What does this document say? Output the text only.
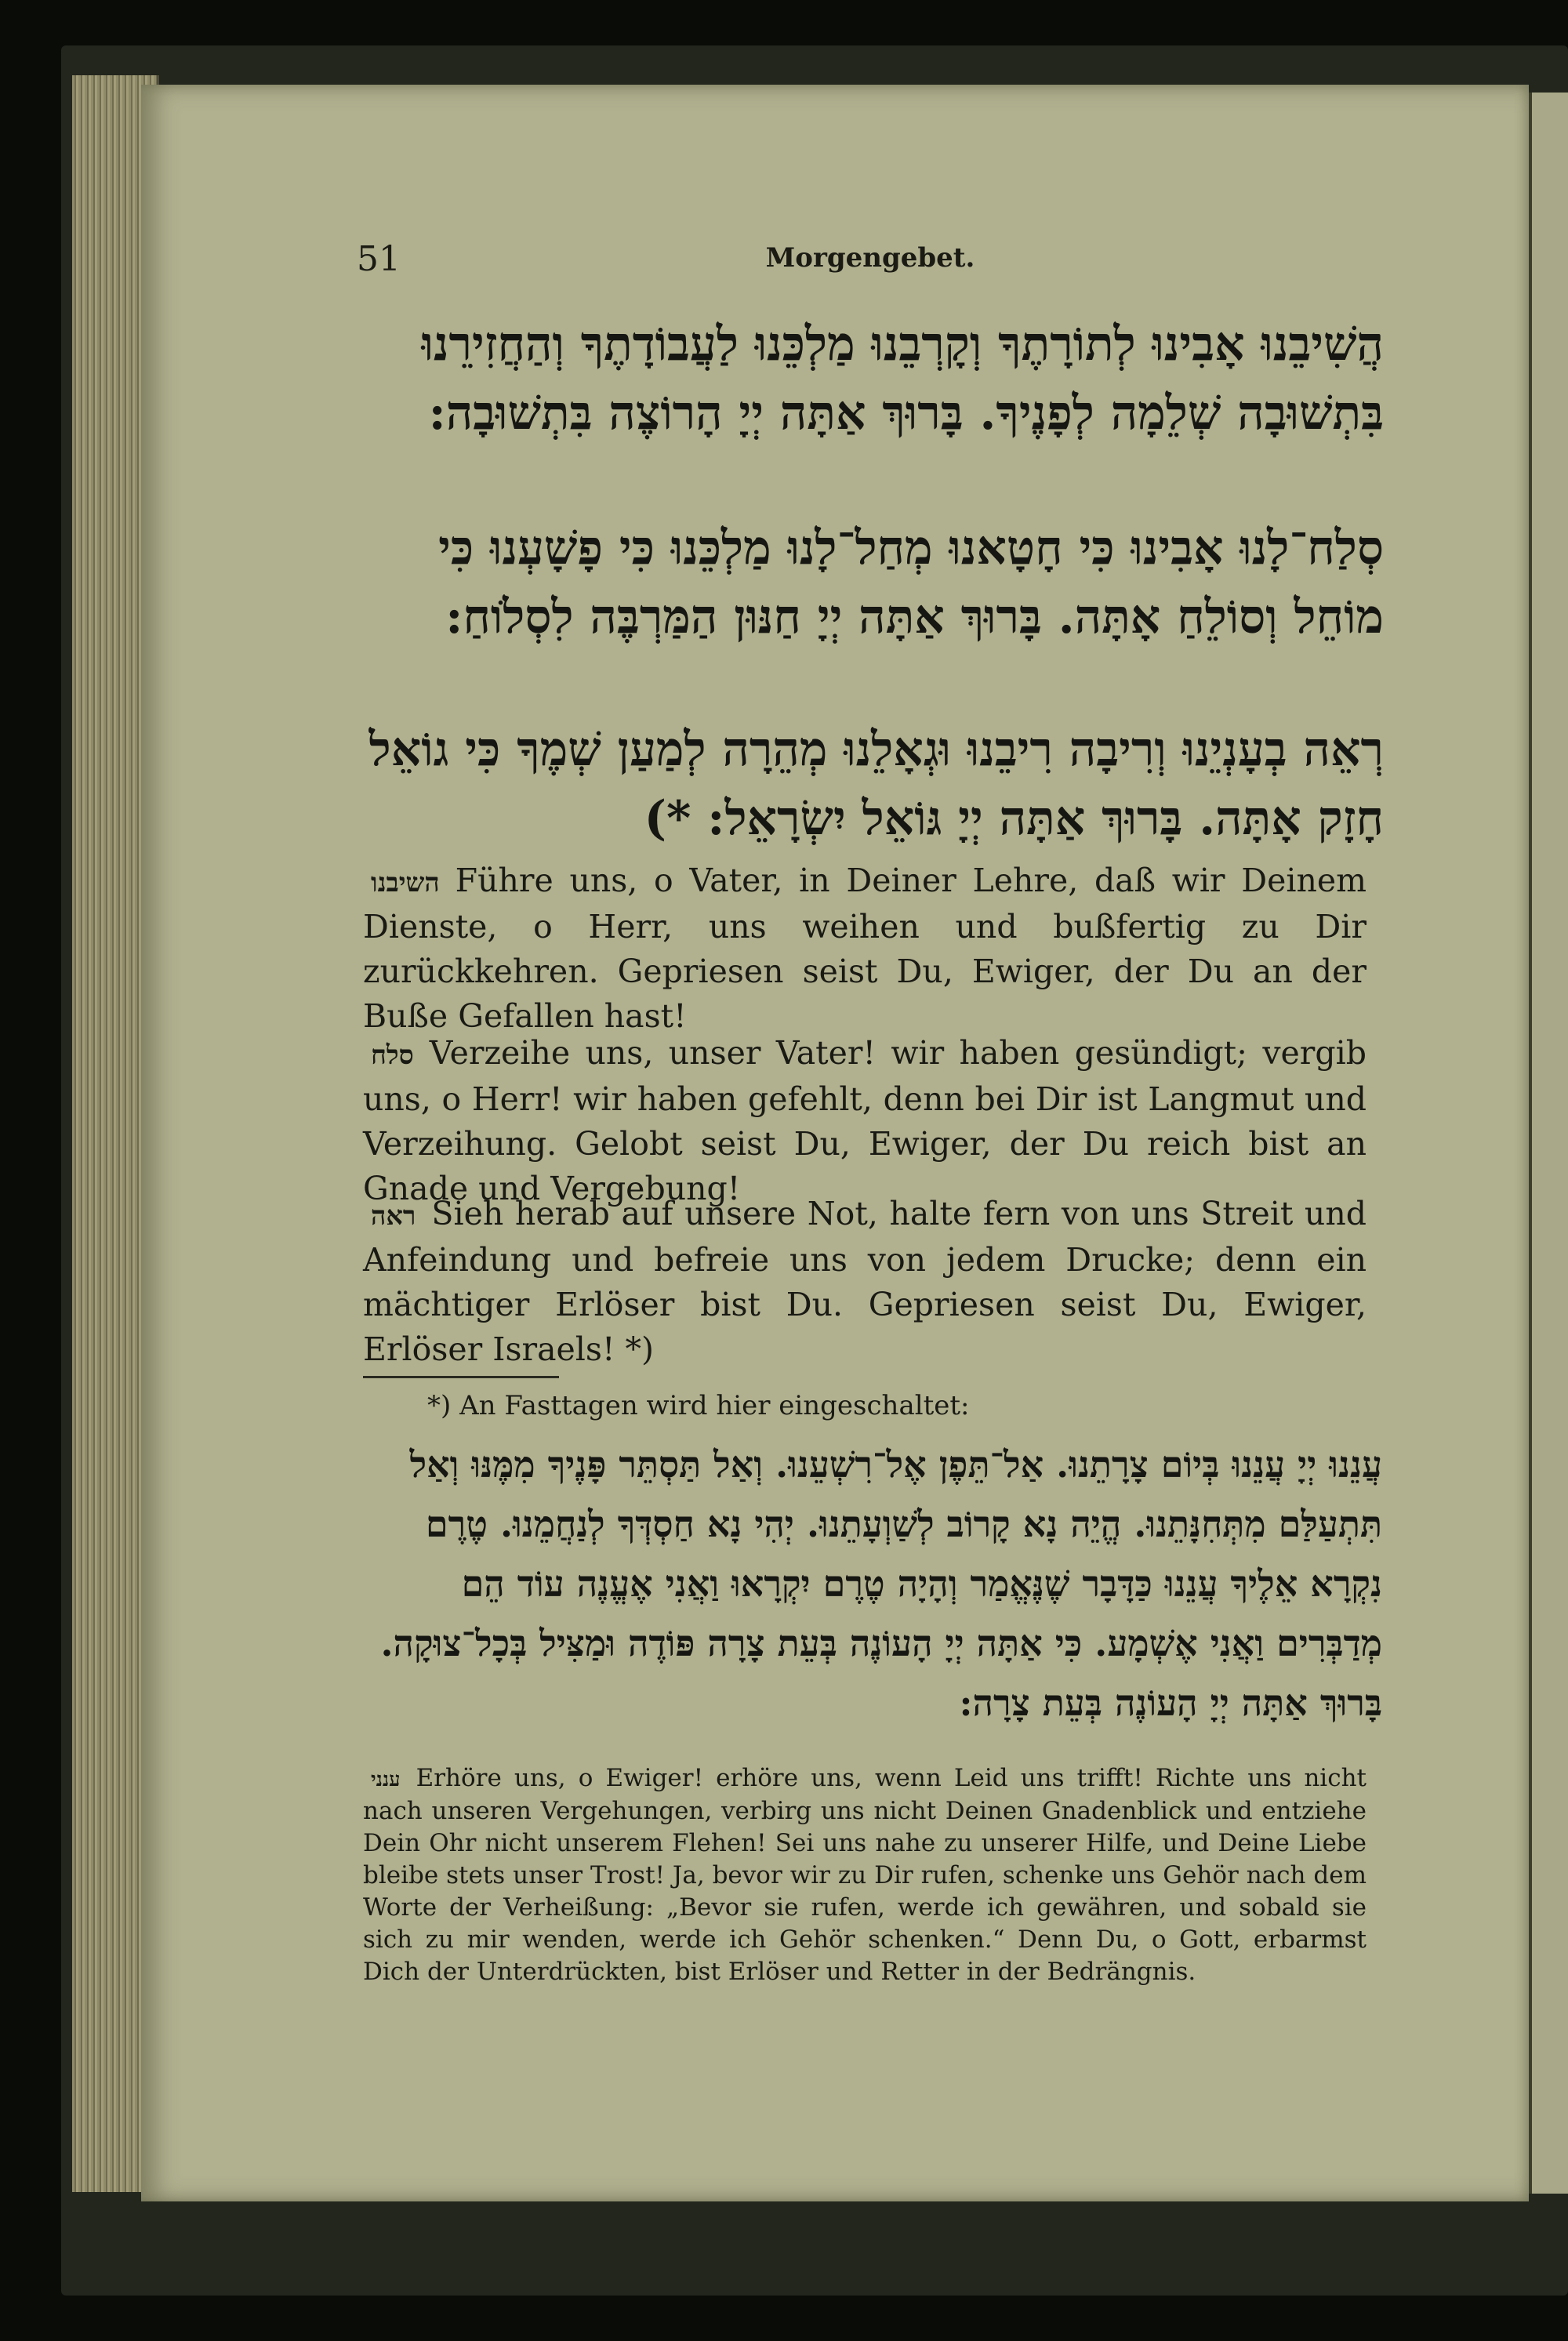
51	Morgengebet.
הֲשִׁיבֵנוּ אָבִינוּ לְתוֹרָתֶךָ וְקָרְבֵנוּ מַלְכֵּנוּ לַעֲבוֹדָתֶךָ וְהַחֲזִירֵנוּ בִּתְשׁוּבָה שְׁלֵמָה לְפָנֶיךָ. בָּרוּךְ אַתָּה יְיָ הָרוֹצֶה בִּתְשׁוּבָה:
סְלַח־לָנוּ אָבִינוּ כִּי חָטָאנוּ מְחַל־לָנוּ מַלְכֵּנוּ כִּי פָשָׁעְנוּ כִּי מוֹחֵל וְסוֹלֵחַ אָתָּה. בָּרוּךְ אַתָּה יְיָ חַנּוּן הַמַּרְבֶּה לִסְלֹוחַ:
רְאֵה בְעָנְיֵנוּ וְרִיבָה רִיבֵנוּ וּגְאָלֵנוּ מְהֵרָה לְמַעַן שְׁמֶךָ כִּי גוֹאֵל חָזָק אָתָּה. בָּרוּךְ אַתָּה יְיָ גּוֹאֵל יִשְׂרָאֵל: *)
השיבנו Führe uns, o Vater, in Deiner Lehre, daß wir Deinem Dienste, o Herr, uns weihen und bußfertig zu Dir zurückkehren. Gepriesen seist Du, Ewiger, der Du an der Buße Gefallen hast!
סלח Verzeihe uns, unser Vater! wir haben gesündigt; vergib uns, o Herr! wir haben gefehlt, denn bei Dir ist Langmut und Verzeihung. Gelobt seist Du, Ewiger, der Du reich bist an Gnade und Vergebung!
ראה Sieh herab auf unsere Not, halte fern von uns Streit und Anfeindung und befreie uns von jedem Drucke; denn ein mächtiger Erlöser bist Du. Gepriesen seist Du, Ewiger, Erlöser Israels! *)
*) An Fasttagen wird hier eingeschaltet:
עֲנֵנוּ יְיָ עֲנֵנוּ בְּיוֹם צָרָתֵנוּ. אַל־תֵּפֶן אֶל־רִשְׁעֵנוּ. וְאַל תַּסְתֵּר פָּנֶיךָ מִמֶּנּוּ וְאַל תִּתְעַלַּם מִתְּחִנָּתֵנוּ. הֱיֵה נָא קָרוֹב לְשַׁוְעָתֵנוּ. יְהִי נָא חַסְדְּךָ לְנַחֲמֵנוּ. טֶרֶם נִקְרָא אֵלֶיךָ עֲנֵנוּ כַּדָּבָר שֶׁנֶּאֱמַר וְהָיָה טֶרֶם יִקְרָאוּ וַאֲנִי אֶעֱנֶה עוֹד הֵם מְדַבְּרִים וַאֲנִי אֶשְׁמָע. כִּי אַתָּה יְיָ הָעוֹנֶה בְּעֵת צָרָה פּוֹדֶה וּמַצִּיל בְּכָל־צוּקָה. בָּרוּךְ אַתָּה יְיָ הָעוֹנֶה בְּעֵת צָרָה:
ענני Erhöre uns, o Ewiger! erhöre uns, wenn Leid uns trifft! Richte uns nicht nach unseren Vergehungen, verbirg uns nicht Deinen Gnadenblick und entziehe Dein Ohr nicht unserem Flehen! Sei uns nahe zu unserer Hilfe, und Deine Liebe bleibe stets unser Trost! Ja, bevor wir zu Dir rufen, schenke uns Gehör nach dem Worte der Verheißung: „Bevor sie rufen, werde ich gewähren, und sobald sie sich zu mir wenden, werde ich Gehör schenken.“ Denn Du, o Gott, erbarmst Dich der Unterdrückten, bist Erlöser und Retter in der Bedrängnis.
